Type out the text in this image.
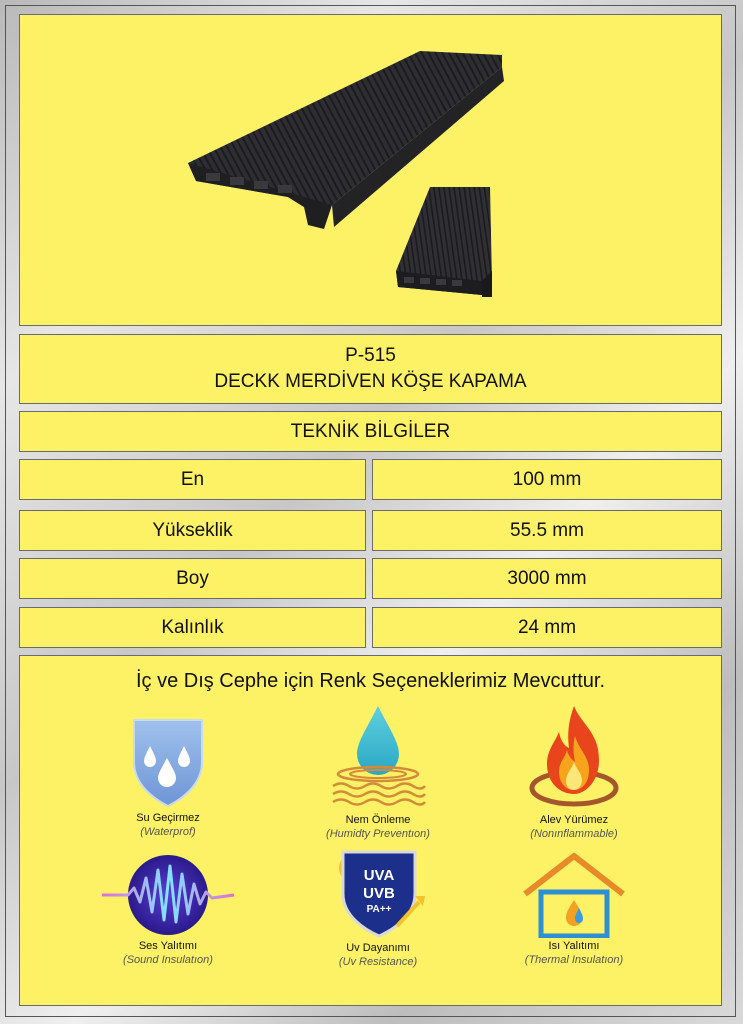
P-515
DECKK MERDİVEN KÖŞE KAPAMA
TEKNİK BİLGİLER
En	100 mm
Yükseklik	55.5 mm
Boy	3000 mm
Kalınlık	24 mm
İç ve Dış Cephe için Renk Seçeneklerimiz Mevcuttur.
Su Geçirmez
(Waterprof)
Nem Önleme
(Humidty Preventıon)
Alev Yürümez
(Nonınflammable)
Ses Yalıtımı
(Sound Insulatıon)
UVA
UVB
PA++
Uv Dayanımı
(Uv Resistance)
Isı Yalıtımı
(Thermal Insulatıon)
